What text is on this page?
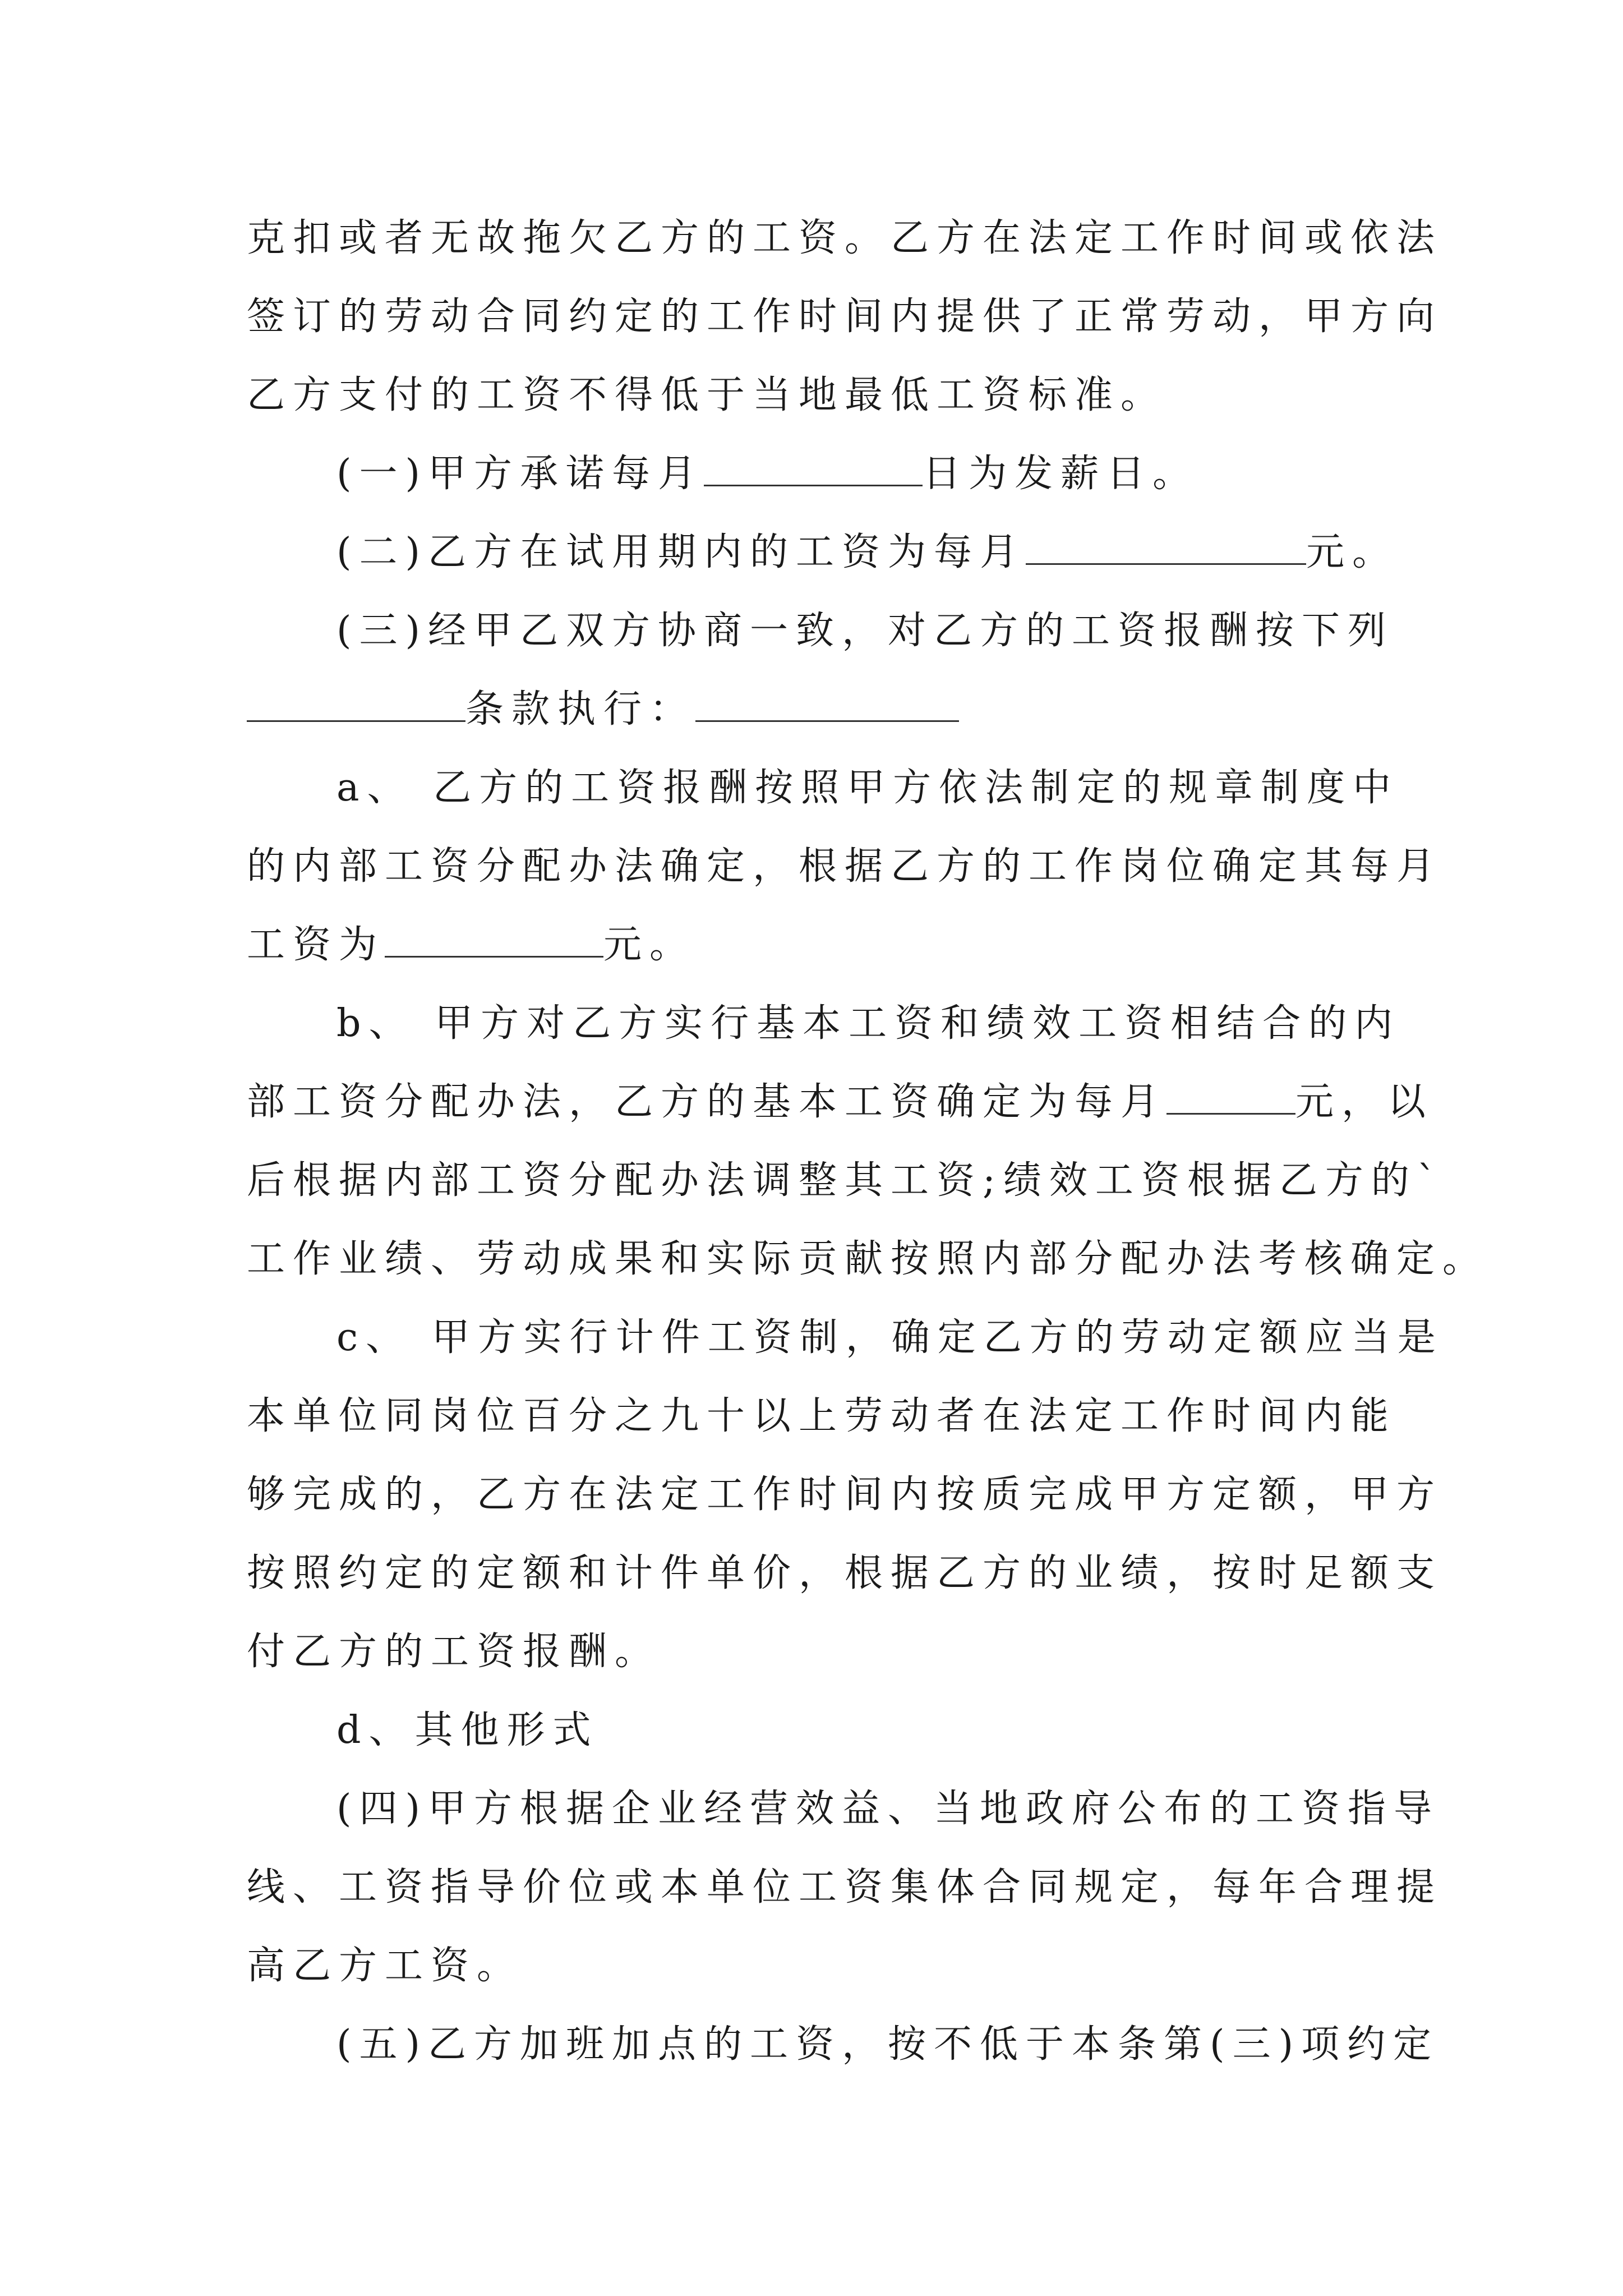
克扣或者无故拖欠乙方的工资。乙方在法定工作时间或依法
签订的劳动合同约定的工作时间内提供了正常劳动，甲方向
乙方支付的工资不得低于当地最低工资标准。
(一)甲方承诺每月	日为发薪日。
(二)乙方在试用期内的工资为每月	元。
(三)经甲乙双方协商一致，对乙方的工资报酬按下列
条款执行：
a、 乙方的工资报酬按照甲方依法制定的规章制度中
的内部工资分配办法确定，根据乙方的工作岗位确定其每月
工资为	元。
b、 甲方对乙方实行基本工资和绩效工资相结合的内
部工资分配办法，乙方的基本工资确定为每月	元，以
后根据内部工资分配办法调整其工资;绩效工资根据乙方的`
工作业绩、劳动成果和实际贡献按照内部分配办法考核确定。
c、 甲方实行计件工资制，确定乙方的劳动定额应当是
本单位同岗位百分之九十以上劳动者在法定工作时间内能
够完成的，乙方在法定工作时间内按质完成甲方定额，甲方
按照约定的定额和计件单价，根据乙方的业绩，按时足额支
付乙方的工资报酬。
d、其他形式
(四)甲方根据企业经营效益、当地政府公布的工资指导
线、工资指导价位或本单位工资集体合同规定，每年合理提
高乙方工资。
(五)乙方加班加点的工资，按不低于本条第(三)项约定
